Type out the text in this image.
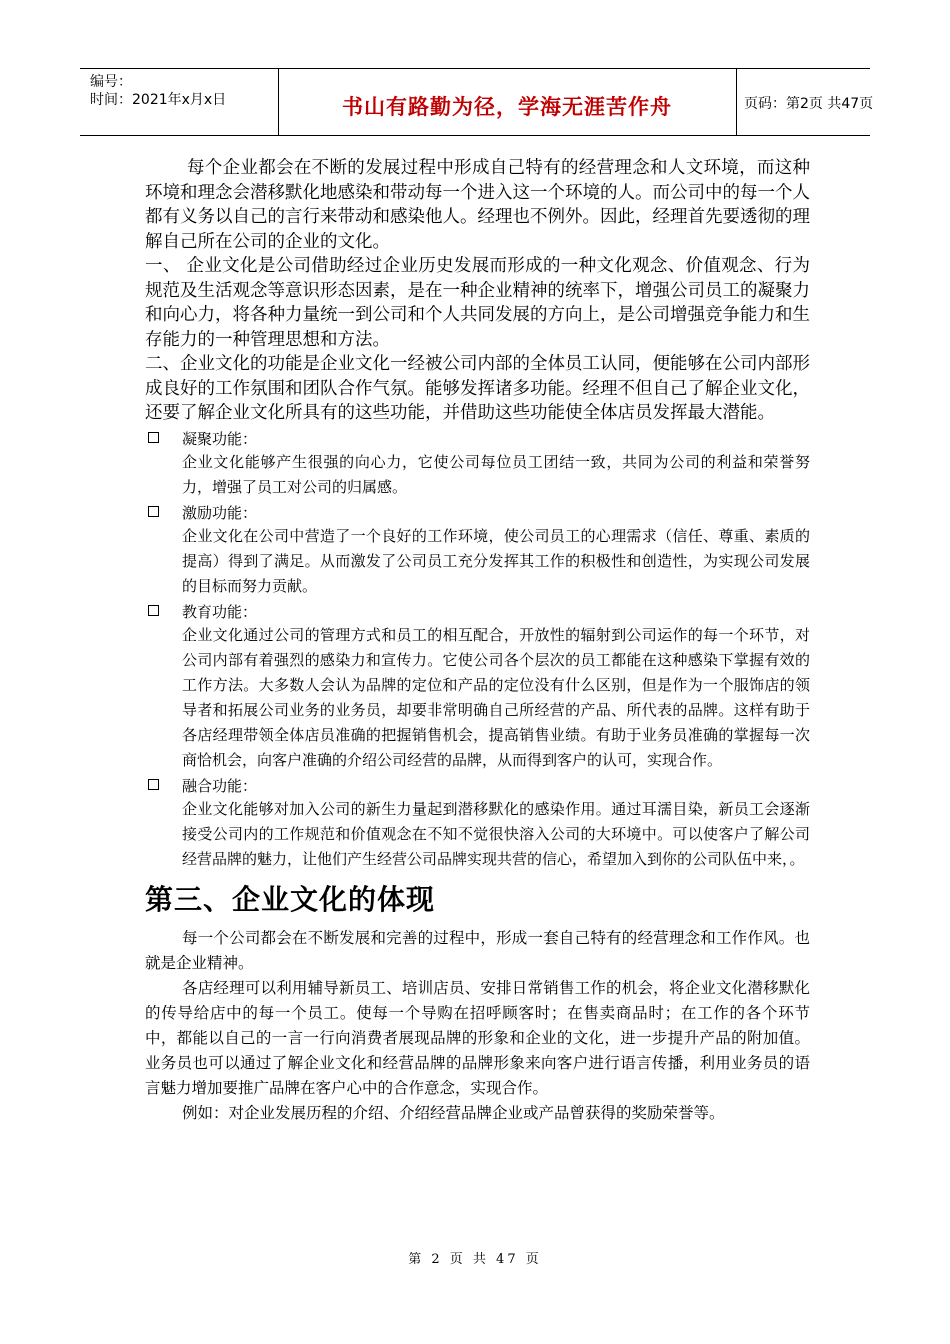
编号：
时间：2021年x月x日	书山有路勤为径，学海无涯苦作舟	页码：第2页 共47页

每个企业都会在不断的发展过程中形成自己特有的经营理念和人文环境，而这种环境和理念会潜移默化地感染和带动每一个进入这一个环境的人。而公司中的每一个人都有义务以自己的言行来带动和感染他人。经理也不例外。因此，经理首先要透彻的理解自己所在公司的企业的文化。

一、 企业文化是公司借助经过企业历史发展而形成的一种文化观念、价值观念、行为规范及生活观念等意识形态因素，是在一种企业精神的统率下，增强公司员工的凝聚力和向心力，将各种力量统一到公司和个人共同发展的方向上，是公司增强竞争能力和生存能力的一种管理思想和方法。

二、企业文化的功能是企业文化一经被公司内部的全体员工认同，便能够在公司内部形成良好的工作氛围和团队合作气氛。能够发挥诸多功能。经理不但自己了解企业文化，还要了解企业文化所具有的这些功能，并借助这些功能使全体店员发挥最大潜能。

凝聚功能：

企业文化能够产生很强的向心力，它使公司每位员工团结一致，共同为公司的利益和荣誉努力，增强了员工对公司的归属感。

激励功能：

企业文化在公司中营造了一个良好的工作环境，使公司员工的心理需求（信任、尊重、素质的提高）得到了满足。从而激发了公司员工充分发挥其工作的积极性和创造性，为实现公司发展的目标而努力贡献。

教育功能：

企业文化通过公司的管理方式和员工的相互配合，开放性的辐射到公司运作的每一个环节，对公司内部有着强烈的感染力和宣传力。它使公司各个层次的员工都能在这种感染下掌握有效的工作方法。大多数人会认为品牌的定位和产品的定位没有什么区别，但是作为一个服饰店的领导者和拓展公司业务的业务员，却要非常明确自己所经营的产品、所代表的品牌。这样有助于各店经理带领全体店员准确的把握销售机会，提高销售业绩。有助于业务员准确的掌握每一次商恰机会，向客户准确的介绍公司经营的品牌，从而得到客户的认可，实现合作。

融合功能：

企业文化能够对加入公司的新生力量起到潜移默化的感染作用。通过耳濡目染，新员工会逐渐接受公司内的工作规范和价值观念在不知不觉很快溶入公司的大环境中。可以使客户了解公司经营品牌的魅力，让他们产生经营公司品牌实现共营的信心，希望加入到你的公司队伍中来，。

第三、企业文化的体现

每一个公司都会在不断发展和完善的过程中，形成一套自己特有的经营理念和工作作风。也就是企业精神。

各店经理可以利用辅导新员工、培训店员、安排日常销售工作的机会，将企业文化潜移默化的传导给店中的每一个员工。使每一个导购在招呼顾客时；在售卖商品时；在工作的各个环节中，都能以自己的一言一行向消费者展现品牌的形象和企业的文化，进一步提升产品的附加值。业务员也可以通过了解企业文化和经营品牌的品牌形象来向客户进行语言传播，利用业务员的语言魅力增加要推广品牌在客户心中的合作意念，实现合作。

例如：对企业发展历程的介绍、介绍经营品牌企业或产品曾获得的奖励荣誉等。

第 2 页 共 47 页
